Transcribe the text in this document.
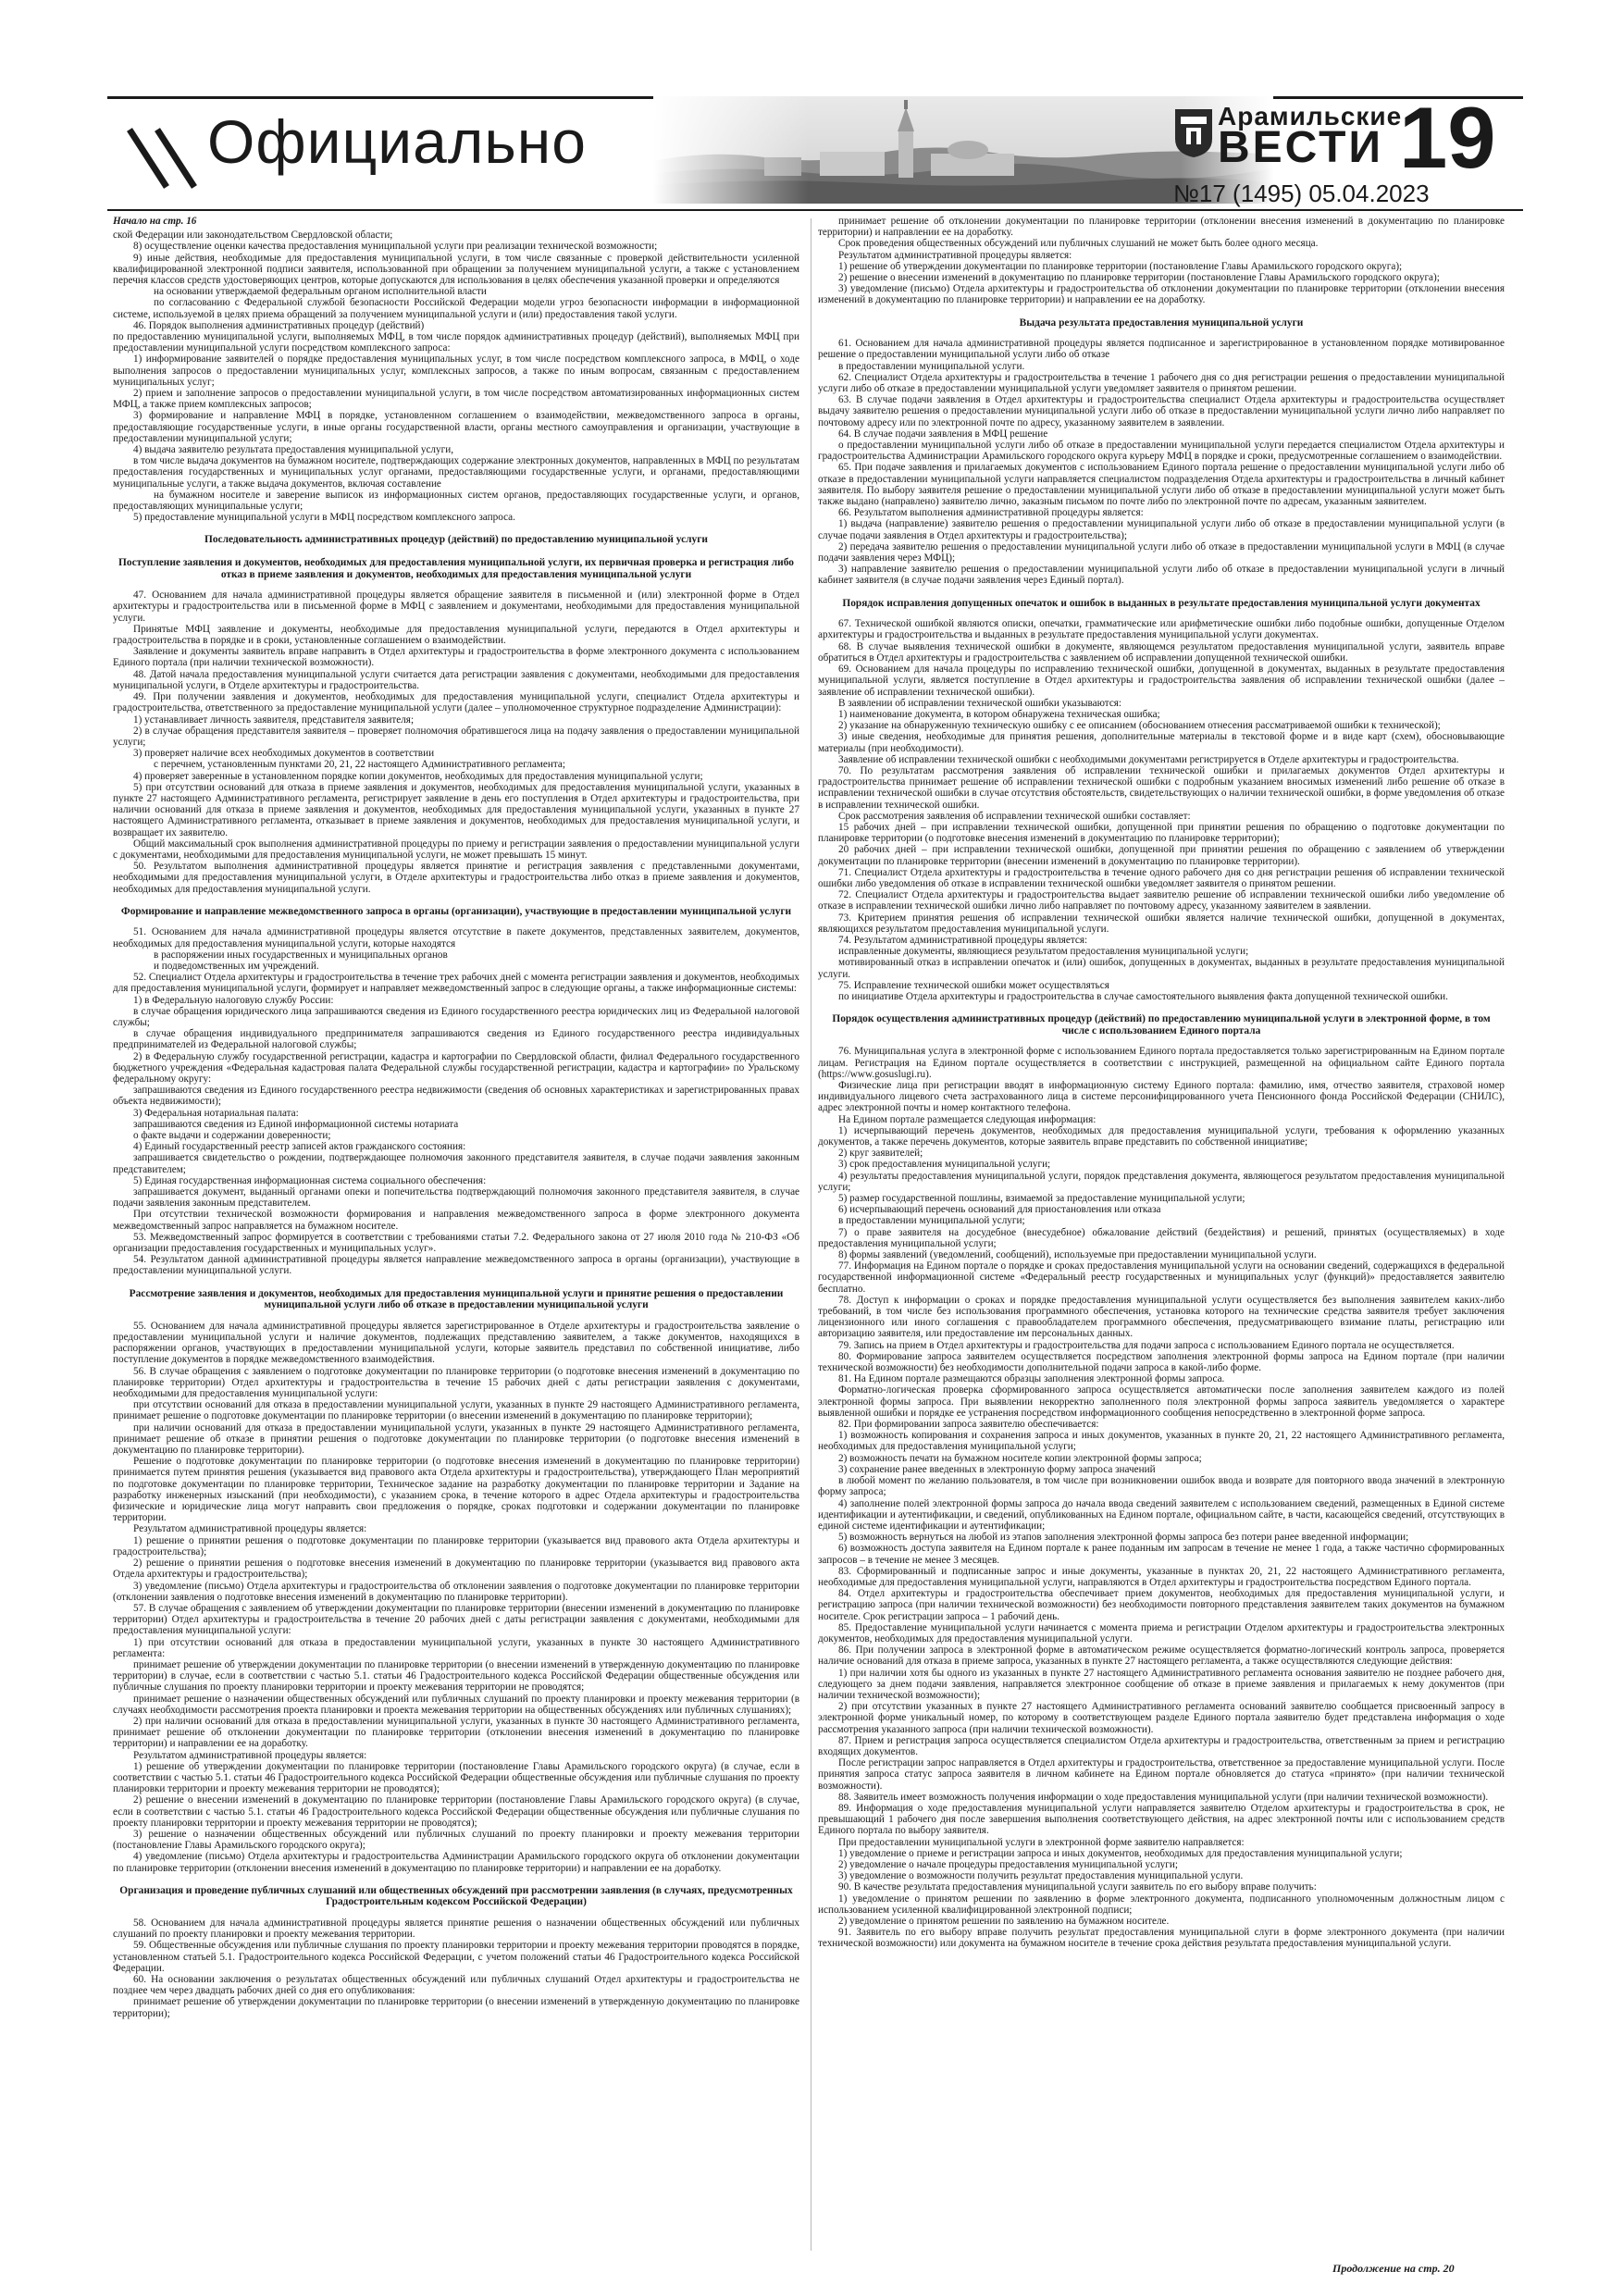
Официально	Арамильские
ВЕСТИ 19
№17 (1495) 05.04.2023

Начало на стр. 16

ской Федерации или законодательством Свердловской области;

8) осуществление оценки качества предоставления муниципальной услуги при реализации технической возможности;

9) иные действия, необходимые для предоставления муниципальной услуги, в том числе связанные с проверкой действительности усиленной квалифицированной электронной подписи заявителя, использованной при обращении за получением муниципальной услуги, а также с установлением перечня классов средств удостоверяющих центров, которые допускаются для использования в целях обеспечения указанной проверки и определяются

на основании утверждаемой федеральным органом исполнительной власти

по согласованию с Федеральной службой безопасности Российской Федерации модели угроз безопасности информации в информационной системе, используемой в целях приема обращений за получением муниципальной услуги и (или) предоставления такой услуги.

46. Порядок выполнения административных процедур (действий)

по предоставлению муниципальной услуги, выполняемых МФЦ, в том числе порядок административных процедур (действий), выполняемых МФЦ при предоставлении муниципальной услуги посредством комплексного запроса:

1) информирование заявителей о порядке предоставления муниципальных услуг, в том числе посредством комплексного запроса, в МФЦ, о ходе выполнения запросов о предоставлении муниципальных услуг, комплексных запросов, а также по иным вопросам, связанным с предоставлением муниципальных услуг;

2) прием и заполнение запросов о предоставлении муниципальной услуги, в том числе посредством автоматизированных информационных систем МФЦ, а также прием комплексных запросов;

3) формирование и направление МФЦ в порядке, установленном соглашением о взаимодействии, межведомственного запроса в органы, предоставляющие государственные услуги, в иные органы государственной власти, органы местного самоуправления и организации, участвующие в предоставлении муниципальной услуги;

4) выдача заявителю результата предоставления муниципальной услуги,

в том числе выдача документов на бумажном носителе, подтверждающих содержание электронных документов, направленных в МФЦ по результатам предоставления государственных и муниципальных услуг органами, предоставляющими государственные услуги, и органами, предоставляющими муниципальные услуги, а также выдача документов, включая составление

на бумажном носителе и заверение выписок из информационных систем органов, предоставляющих государственные услуги, и органов, предоставляющих муниципальные услуги;

5) предоставление муниципальной услуги в МФЦ посредством комплексного запроса.

Последовательность административных процедур (действий) по предоставлению муниципальной услуги
Поступление заявления и документов, необходимых для предоставления муниципальной услуги, их первичная проверка и регистрация либо отказ в приеме заявления и документов, необходимых для предоставления муниципальной услуги

47. Основанием для начала административной процедуры является обращение заявителя в письменной и (или) электронной форме в Отдел архитектуры и градостроительства или в письменной форме в МФЦ с заявлением и документами, необходимыми для предоставления муниципальной услуги.

Принятые МФЦ заявление и документы, необходимые для предоставления муниципальной услуги, передаются в Отдел архитектуры и градостроительства в порядке и в сроки, установленные соглашением о взаимодействии.

Заявление и документы заявитель вправе направить в Отдел архитектуры и градостроительства в форме электронного документа с использованием Единого портала (при наличии технической возможности).

48. Датой начала предоставления муниципальной услуги считается дата регистрации заявления с документами, необходимыми для предоставления муниципальной услуги, в Отделе архитектуры и градостроительства.

49. При получении заявления и документов, необходимых для предоставления муниципальной услуги, специалист Отдела архитектуры и градостроительства, ответственного за предоставление муниципальной услуги (далее – уполномоченное структурное подразделение Администрации):

1) устанавливает личность заявителя, представителя заявителя;

2) в случае обращения представителя заявителя – проверяет полномочия обратившегося лица на подачу заявления о предоставлении муниципальной услуги;

3) проверяет наличие всех необходимых документов в соответствии

с перечнем, установленным пунктами 20, 21, 22 настоящего Административного регламента;

4) проверяет заверенные в установленном порядке копии документов, необходимых для предоставления муниципальной услуги;

5) при отсутствии оснований для отказа в приеме заявления и документов, необходимых для предоставления муниципальной услуги, указанных в пункте 27 настоящего Административного регламента, регистрирует заявление в день его поступления в Отдел архитектуры и градостроительства, при наличии оснований для отказа в приеме заявления и документов, необходимых для предоставления муниципальной услуги, указанных в пункте 27 настоящего Административного регламента, отказывает в приеме заявления и документов, необходимых для предоставления муниципальной услуги, и возвращает их заявителю.

Общий максимальный срок выполнения административной процедуры по приему и регистрации заявления о предоставлении муниципальной услуги с документами, необходимыми для предоставления муниципальной услуги, не может превышать 15 минут.

50. Результатом выполнения административной процедуры является принятие и регистрация заявления с представленными документами, необходимыми для предоставления муниципальной услуги, в Отделе архитектуры и градостроительства либо отказ в приеме заявления и документов, необходимых для предоставления муниципальной услуги.

Формирование и направление межведомственного запроса в органы (организации), участвующие в предоставлении муниципальной услуги

51. Основанием для начала административной процедуры является отсутствие в пакете документов, представленных заявителем, документов, необходимых для предоставления муниципальной услуги, которые находятся

в распоряжении иных государственных и муниципальных органов

и подведомственных им учреждений.

52. Специалист Отдела архитектуры и градостроительства в течение трех рабочих дней с момента регистрации заявления и документов, необходимых для предоставления муниципальной услуги, формирует и направляет межведомственный запрос в следующие органы, а также информационные системы:

1) в Федеральную налоговую службу России:

в случае обращения юридического лица запрашиваются сведения из Единого государственного реестра юридических лиц из Федеральной налоговой службы;

в случае обращения индивидуального предпринимателя запрашиваются сведения из Единого государственного реестра индивидуальных предпринимателей из Федеральной налоговой службы;

2) в Федеральную службу государственной регистрации, кадастра и картографии по Свердловской области, филиал Федерального государственного бюджетного учреждения «Федеральная кадастровая палата Федеральной службы государственной регистрации, кадастра и картографии» по Уральскому федеральному округу:

запрашиваются сведения из Единого государственного реестра недвижимости (сведения об основных характеристиках и зарегистрированных правах объекта недвижимости);

3) Федеральная нотариальная палата:

запрашиваются сведения из Единой информационной системы нотариата

о факте выдачи и содержании доверенности;

4) Единый государственный реестр записей актов гражданского состояния:

запрашивается свидетельство о рождении, подтверждающее полномочия законного представителя заявителя, в случае подачи заявления законным представителем;

5) Единая государственная информационная система социального обеспечения:

запрашивается документ, выданный органами опеки и попечительства подтверждающий полномочия законного представителя заявителя, в случае подачи заявления законным представителем.

При отсутствии технической возможности формирования и направления межведомственного запроса в форме электронного документа межведомственный запрос направляется на бумажном носителе.

53. Межведомственный запрос формируется в соответствии с требованиями статьи 7.2. Федерального закона от 27 июля 2010 года № 210-ФЗ «Об организации предоставления государственных и муниципальных услуг».

54. Результатом данной административной процедуры является направление межведомственного запроса в органы (организации), участвующие в предоставлении муниципальной услуги.

Рассмотрение заявления и документов, необходимых для предоставления муниципальной услуги и принятие решения о предоставлении муниципальной услуги либо об отказе в предоставлении муниципальной услуги

55. Основанием для начала административной процедуры является зарегистрированное в Отделе архитектуры и градостроительства заявление о предоставлении муниципальной услуги и наличие документов, подлежащих представлению заявителем, а также документов, находящихся в распоряжении органов, участвующих в предоставлении муниципальной услуги, которые заявитель представил по собственной инициативе, либо поступление документов в порядке межведомственного взаимодействия.

56. В случае обращения с заявлением о подготовке документации по планировке территории (о подготовке внесения изменений в документацию по планировке территории) Отдел архитектуры и градостроительства в течение 15 рабочих дней с даты регистрации заявления с документами, необходимыми для предоставления муниципальной услуги:

при отсутствии оснований для отказа в предоставлении муниципальной услуги, указанных в пункте 29 настоящего Административного регламента, принимает решение о подготовке документации по планировке территории (о внесении изменений в документацию по планировке территории);

при наличии оснований для отказа в предоставлении муниципальной услуги, указанных в пункте 29 настоящего Административного регламента, принимает решение об отказе в принятии решения о подготовке документации по планировке территории (о подготовке внесения изменений в документацию по планировке территории).

Решение о подготовке документации по планировке территории (о подготовке внесения изменений в документацию по планировке территории) принимается путем принятия решения (указывается вид правового акта Отдела архитектуры и градостроительства), утверждающего План мероприятий по подготовке документации по планировке территории, Техническое задание на разработку документации по планировке территории и Задание на разработку инженерных изысканий (при необходимости), с указанием срока, в течение которого в адрес Отдела архитектуры и градостроительства физические и юридические лица могут направить свои предложения о порядке, сроках подготовки и содержании документации по планировке территории.

Результатом административной процедуры является:

1) решение о принятии решения о подготовке документации по планировке территории (указывается вид правового акта Отдела архитектуры и градостроительства);

2) решение о принятии решения о подготовке внесения изменений в документацию по планировке территории (указывается вид правового акта Отдела архитектуры и градостроительства);

3) уведомление (письмо) Отдела архитектуры и градостроительства об отклонении заявления о подготовке документации по планировке территории (отклонении заявления о подготовке внесения изменений в документацию по планировке территории).

57. В случае обращения с заявлением об утверждении документации по планировке территории (внесении изменений в документацию по планировке территории) Отдел архитектуры и градостроительства в течение 20 рабочих дней с даты регистрации заявления с документами, необходимыми для предоставления муниципальной услуги:

1) при отсутствии оснований для отказа в предоставлении муниципальной услуги, указанных в пункте 30 настоящего Административного регламента:

принимает решение об утверждении документации по планировке территории (о внесении изменений в утвержденную документацию по планировке территории) в случае, если в соответствии с частью 5.1. статьи 46 Градостроительного кодекса Российской Федерации общественные обсуждения или публичные слушания по проекту планировки территории и проекту межевания территории не проводятся;

принимает решение о назначении общественных обсуждений или публичных слушаний по проекту планировки и проекту межевания территории (в случаях необходимости рассмотрения проекта планировки и проекта межевания территории на общественных обсуждениях или публичных слушаниях);

2) при наличии оснований для отказа в предоставлении муниципальной услуги, указанных в пункте 30 настоящего Административного регламента, принимает решение об отклонении документации по планировке территории (отклонении внесения изменений в документацию по планировке территории) и направлении ее на доработку.

Результатом административной процедуры является:

1) решение об утверждении документации по планировке территории (постановление Главы Арамильского городского округа) (в случае, если в соответствии с частью 5.1. статьи 46 Градостроительного кодекса Российской Федерации общественные обсуждения или публичные слушания по проекту планировки территории и проекту межевания территории не проводятся);

2) решение о внесении изменений в документацию по планировке территории (постановление Главы Арамильского городского округа) (в случае, если в соответствии с частью 5.1. статьи 46 Градостроительного кодекса Российской Федерации общественные обсуждения или публичные слушания по проекту планировки территории и проекту межевания территории не проводятся);

3) решение о назначении общественных обсуждений или публичных слушаний по проекту планировки и проекту межевания территории (постановление Главы Арамильского городского округа);

4) уведомление (письмо) Отдела архитектуры и градостроительства Администрации Арамильского городского округа об отклонении документации по планировке территории (отклонении внесения изменений в документацию по планировке территории) и направлении ее на доработку.

Организация и проведение публичных слушаний или общественных обсуждений при рассмотрении заявления (в случаях, предусмотренных Градостроительным кодексом Российской Федерации)

58. Основанием для начала административной процедуры является принятие решения о назначении общественных обсуждений или публичных слушаний по проекту планировки и проекту межевания территории.

59. Общественные обсуждения или публичные слушания по проекту планировки территории и проекту межевания территории проводятся в порядке, установленном статьей 5.1. Градостроительного кодекса Российской Федерации, с учетом положений статьи 46 Градостроительного кодекса Российской Федерации.

60. На основании заключения о результатах общественных обсуждений или публичных слушаний Отдел архитектуры и градостроительства не позднее чем через двадцать рабочих дней со дня его опубликования:

принимает решение об утверждении документации по планировке территории (о внесении изменений в утвержденную документацию по планировке территории);

принимает решение об отклонении документации по планировке территории (отклонении внесения изменений в документацию по планировке территории) и направлении ее на доработку.

Срок проведения общественных обсуждений или публичных слушаний не может быть более одного месяца.

Результатом административной процедуры является:

1) решение об утверждении документации по планировке территории (постановление Главы Арамильского городского округа);

2) решение о внесении изменений в документацию по планировке территории (постановление Главы Арамильского городского округа);

3) уведомление (письмо) Отдела архитектуры и градостроительства об отклонении документации по планировке территории (отклонении внесения изменений в документацию по планировке территории) и направлении ее на доработку.

Выдача результата предоставления муниципальной услуги

61. Основанием для начала административной процедуры является подписанное и зарегистрированное в установленном порядке мотивированное решение о предоставлении муниципальной услуги либо об отказе

в предоставлении муниципальной услуги.

62. Специалист Отдела архитектуры и градостроительства в течение 1 рабочего дня со дня регистрации решения о предоставлении муниципальной услуги либо об отказе в предоставлении муниципальной услуги уведомляет заявителя о принятом решении.

63. В случае подачи заявления в Отдел архитектуры и градостроительства специалист Отдела архитектуры и градостроительства осуществляет выдачу заявителю решения о предоставлении муниципальной услуги либо об отказе в предоставлении муниципальной услуги лично либо направляет по почтовому адресу или по электронной почте по адресу, указанному заявителем в заявлении.

64. В случае подачи заявления в МФЦ решение

о предоставлении муниципальной услуги либо об отказе в предоставлении муниципальной услуги передается специалистом Отдела архитектуры и градостроительства Администрации Арамильского городского округа курьеру МФЦ в порядке и сроки, предусмотренные соглашением о взаимодействии.

65. При подаче заявления и прилагаемых документов с использованием Единого портала решение о предоставлении муниципальной услуги либо об отказе в предоставлении муниципальной услуги направляется специалистом подразделения Отдела архитектуры и градостроительства в личный кабинет заявителя. По выбору заявителя решение о предоставлении муниципальной услуги либо об отказе в предоставлении муниципальной услуги может быть также выдано (направлено) заявителю лично, заказным письмом по почте либо по электронной почте по адресам, указанным заявителем.

66. Результатом выполнения административной процедуры является:

1) выдача (направление) заявителю решения о предоставлении муниципальной услуги либо об отказе в предоставлении муниципальной услуги (в случае подачи заявления в Отдел архитектуры и градостроительства);

2) передача заявителю решения о предоставлении муниципальной услуги либо об отказе в предоставлении муниципальной услуги в МФЦ (в случае подачи заявления через МФЦ);

3) направление заявителю решения о предоставлении муниципальной услуги либо об отказе в предоставлении муниципальной услуги в личный кабинет заявителя (в случае подачи заявления через Единый портал).

Порядок исправления допущенных опечаток и ошибок в выданных в результате предоставления муниципальной услуги документах

67. Технической ошибкой являются описки, опечатки, грамматические или арифметические ошибки либо подобные ошибки, допущенные Отделом архитектуры и градостроительства и выданных в результате предоставления муниципальной услуги документах.

68. В случае выявления технической ошибки в документе, являющемся результатом предоставления муниципальной услуги, заявитель вправе обратиться в Отдел архитектуры и градостроительства с заявлением об исправлении допущенной технической ошибки.

69. Основанием для начала процедуры по исправлению технической ошибки, допущенной в документах, выданных в результате предоставления муниципальной услуги, является поступление в Отдел архитектуры и градостроительства заявления об исправлении технической ошибки (далее – заявление об исправлении технической ошибки).

В заявлении об исправлении технической ошибки указываются:

1) наименование документа, в котором обнаружена техническая ошибка;

2) указание на обнаруженную техническую ошибку с ее описанием (обоснованием отнесения рассматриваемой ошибки к технической);

3) иные сведения, необходимые для принятия решения, дополнительные материалы в текстовой форме и в виде карт (схем), обосновывающие материалы (при необходимости).

Заявление об исправлении технической ошибки с необходимыми документами регистрируется в Отделе архитектуры и градостроительства.

70. По результатам рассмотрения заявления об исправлении технической ошибки и прилагаемых документов Отдел архитектуры и градостроительства принимает решение об исправлении технической ошибки с подробным указанием вносимых изменений либо решение об отказе в исправлении технической ошибки в случае отсутствия обстоятельств, свидетельствующих о наличии технической ошибки, в форме уведомления об отказе в исправлении технической ошибки.

Срок рассмотрения заявления об исправлении технической ошибки составляет:

15 рабочих дней – при исправлении технической ошибки, допущенной при принятии решения по обращению о подготовке документации по планировке территории (о подготовке внесения изменений в документацию по планировке территории);

20 рабочих дней – при исправлении технической ошибки, допущенной при принятии решения по обращению с заявлением об утверждении документации по планировке территории (внесении изменений в документацию по планировке территории).

71. Специалист Отдела архитектуры и градостроительства в течение одного рабочего дня со дня регистрации решения об исправлении технической ошибки либо уведомления об отказе в исправлении технической ошибки уведомляет заявителя о принятом решении.

72. Специалист Отдела архитектуры и градостроительства выдает заявителю решение об исправлении технической ошибки либо уведомление об отказе в исправлении технической ошибки лично либо направляет по почтовому адресу, указанному заявителем в заявлении.

73. Критерием принятия решения об исправлении технической ошибки является наличие технической ошибки, допущенной в документах, являющихся результатом предоставления муниципальной услуги.

74. Результатом административной процедуры является:

исправленные документы, являющиеся результатом предоставления муниципальной услуги;

мотивированный отказ в исправлении опечаток и (или) ошибок, допущенных в документах, выданных в результате предоставления муниципальной услуги.

75. Исправление технической ошибки может осуществляться

по инициативе Отдела архитектуры и градостроительства в случае самостоятельного выявления факта допущенной технической ошибки.

Порядок осуществления административных процедур (действий) по предоставлению муниципальной услуги в электронной форме, в том числе с использованием Единого портала

76. Муниципальная услуга в электронной форме с использованием Единого портала предоставляется только зарегистрированным на Едином портале лицам. Регистрация на Едином портале осуществляется в соответствии с инструкцией, размещенной на официальном сайте Единого портала (https://www.gosuslugi.ru).

Физические лица при регистрации вводят в информационную систему Единого портала: фамилию, имя, отчество заявителя, страховой номер индивидуального лицевого счета застрахованного лица в системе персонифицированного учета Пенсионного фонда Российской Федерации (СНИЛС), адрес электронной почты и номер контактного телефона.

На Едином портале размещается следующая информация:

1) исчерпывающий перечень документов, необходимых для предоставления муниципальной услуги, требования к оформлению указанных документов, а также перечень документов, которые заявитель вправе представить по собственной инициативе;

2) круг заявителей;

3) срок предоставления муниципальной услуги;

4) результаты предоставления муниципальной услуги, порядок представления документа, являющегося результатом предоставления муниципальной услуги;

5) размер государственной пошлины, взимаемой за предоставление муниципальной услуги;

6) исчерпывающий перечень оснований для приостановления или отказа

в предоставлении муниципальной услуги;

7) о праве заявителя на досудебное (внесудебное) обжалование действий (бездействия) и решений, принятых (осуществляемых) в ходе предоставления муниципальной услуги;

8) формы заявлений (уведомлений, сообщений), используемые при предоставлении муниципальной услуги.

77. Информация на Едином портале о порядке и сроках предоставления муниципальной услуги на основании сведений, содержащихся в федеральной государственной информационной системе «Федеральный реестр государственных и муниципальных услуг (функций)» предоставляется заявителю бесплатно.

78. Доступ к информации о сроках и порядке предоставления муниципальной услуги осуществляется без выполнения заявителем каких-либо требований, в том числе без использования программного обеспечения, установка которого на технические средства заявителя требует заключения лицензионного или иного соглашения с правообладателем программного обеспечения, предусматривающего взимание платы, регистрацию или авторизацию заявителя, или предоставление им персональных данных.

79. Запись на прием в Отдел архитектуры и градостроительства для подачи запроса с использованием Единого портала не осуществляется.

80. Формирование запроса заявителем осуществляется посредством заполнения электронной формы запроса на Едином портале (при наличии технической возможности) без необходимости дополнительной подачи запроса в какой-либо форме.

81. На Едином портале размещаются образцы заполнения электронной формы запроса.

Форматно-логическая проверка сформированного запроса осуществляется автоматически после заполнения заявителем каждого из полей электронной формы запроса. При выявлении некорректно заполненного поля электронной формы запроса заявитель уведомляется о характере выявленной ошибки и порядке ее устранения посредством информационного сообщения непосредственно в электронной форме запроса.

82. При формировании запроса заявителю обеспечивается:

1) возможность копирования и сохранения запроса и иных документов, указанных в пункте 20, 21, 22 настоящего Административного регламента, необходимых для предоставления муниципальной услуги;

2) возможность печати на бумажном носителе копии электронной формы запроса;

3) сохранение ранее введенных в электронную форму запроса значений

в любой момент по желанию пользователя, в том числе при возникновении ошибок ввода и возврате для повторного ввода значений в электронную форму запроса;

4) заполнение полей электронной формы запроса до начала ввода сведений заявителем с использованием сведений, размещенных в Единой системе идентификации и аутентификации, и сведений, опубликованных на Едином портале, официальном сайте, в части, касающейся сведений, отсутствующих в единой системе идентификации и аутентификации;

5) возможность вернуться на любой из этапов заполнения электронной формы запроса без потери ранее введенной информации;

6) возможность доступа заявителя на Едином портале к ранее поданным им запросам в течение не менее 1 года, а также частично сформированных запросов – в течение не менее 3 месяцев.

83. Сформированный и подписанные запрос и иные документы, указанные в пунктах 20, 21, 22 настоящего Административного регламента, необходимые для предоставления муниципальной услуги, направляются в Отдел архитектуры и градостроительства посредством Единого портала.

84. Отдел архитектуры и градостроительства обеспечивает прием документов, необходимых для предоставления муниципальной услуги, и регистрацию запроса (при наличии технической возможности) без необходимости повторного представления заявителем таких документов на бумажном носителе. Срок регистрации запроса – 1 рабочий день.

85. Предоставление муниципальной услуги начинается с момента приема и регистрации Отделом архитектуры и градостроительства электронных документов, необходимых для предоставления муниципальной услуги.

86. При получении запроса в электронной форме в автоматическом режиме осуществляется форматно-логический контроль запроса, проверяется наличие оснований для отказа в приеме запроса, указанных в пункте 27 настоящего регламента, а также осуществляются следующие действия:

1) при наличии хотя бы одного из указанных в пункте 27 настоящего Административного регламента основания заявителю не позднее рабочего дня, следующего за днем подачи заявления, направляется электронное сообщение об отказе в приеме заявления и прилагаемых к нему документов (при наличии технической возможности);

2) при отсутствии указанных в пункте 27 настоящего Административного регламента оснований заявителю сообщается присвоенный запросу в электронной форме уникальный номер, по которому в соответствующем разделе Единого портала заявителю будет представлена информация о ходе рассмотрения указанного запроса (при наличии технической возможности).

87. Прием и регистрация запроса осуществляется специалистом Отдела архитектуры и градостроительства, ответственным за прием и регистрацию входящих документов.

После регистрации запрос направляется в Отдел архитектуры и градостроительства, ответственное за предоставление муниципальной услуги. После принятия запроса статус запроса заявителя в личном кабинете на Едином портале обновляется до статуса «принято» (при наличии технической возможности).

88. Заявитель имеет возможность получения информации о ходе предоставления муниципальной услуги (при наличии технической возможности).

89. Информация о ходе предоставления муниципальной услуги направляется заявителю Отделом архитектуры и градостроительства в срок, не превышающий 1 рабочего дня после завершения выполнения соответствующего действия, на адрес электронной почты или с использованием средств Единого портала по выбору заявителя.

При предоставлении муниципальной услуги в электронной форме заявителю направляется:

1) уведомление о приеме и регистрации запроса и иных документов, необходимых для предоставления муниципальной услуги;

2) уведомление о начале процедуры предоставления муниципальной услуги;

3) уведомление о возможности получить результат предоставления муниципальной услуги.

90. В качестве результата предоставления муниципальной услуги заявитель по его выбору вправе получить:

1) уведомление о принятом решении по заявлению в форме электронного документа, подписанного уполномоченным должностным лицом с использованием усиленной квалифицированной электронной подписи;

2) уведомление о принятом решении по заявлению на бумажном носителе.

91. Заявитель по его выбору вправе получить результат предоставления муниципальной слуги в форме электронного документа (при наличии технической возможности) или документа на бумажном носителе в течение срока действия результата предоставления муниципальной услуги.

Продолжение на стр. 20
